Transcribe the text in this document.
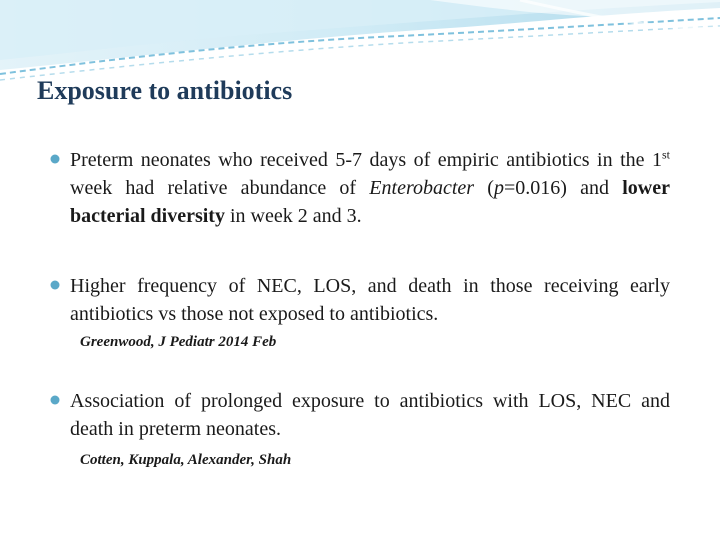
Exposure to antibiotics

Preterm neonates who received 5-7 days of empiric antibiotics in the 1st week had relative abundance of Enterobacter (p=0.016) and lower bacterial diversity in week 2 and 3.

Higher frequency of NEC, LOS, and death in those receiving early antibiotics vs those not exposed to antibiotics.

Greenwood, J Pediatr 2014 Feb

Association of prolonged exposure to antibiotics with LOS, NEC and death in preterm neonates.

Cotten, Kuppala, Alexander, Shah
